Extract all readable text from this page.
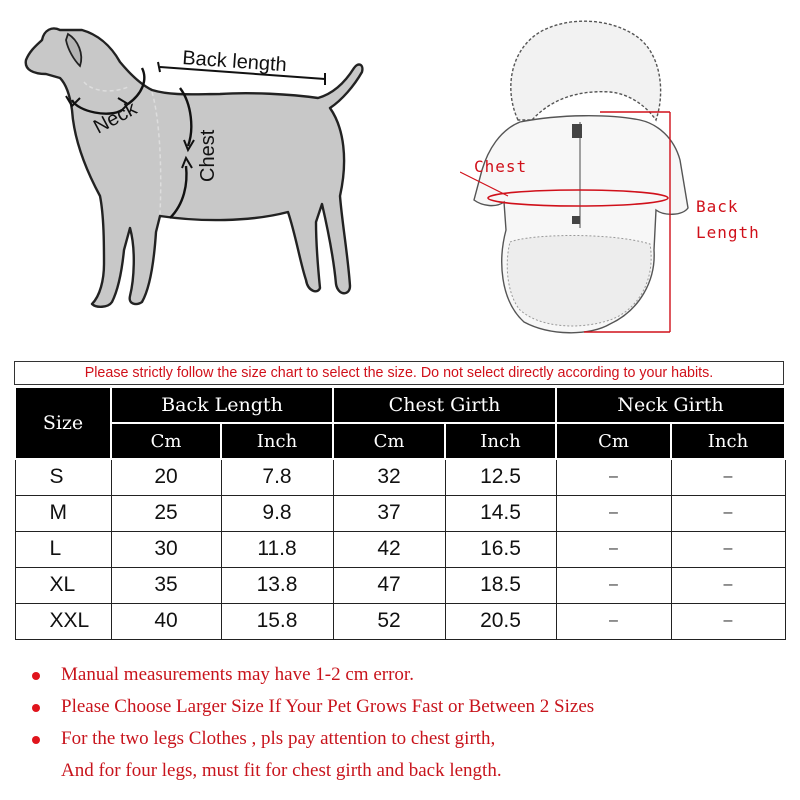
Back length
Neck
Chest	Chest
Back
Length
Please strictly follow the size chart to select the size. Do not select directly according to your habits.
Size	Back Length		Chest Girth		Neck Girth	
	Cm	Inch	Cm	Inch	Cm	Inch
S	20	7.8	32	12.5	–	–
M	25	9.8	37	14.5	–	–
L	30	11.8	42	16.5	–	–
XL	35	13.8	47	18.5	–	–
XXL	40	15.8	52	20.5	–	–
Manual measurements may have 1-2 cm error.
Please Choose Larger Size If Your Pet Grows Fast or Between 2 Sizes
For the two legs Clothes , pls pay attention to chest girth,
And for four legs, must fit for chest girth and back length.
